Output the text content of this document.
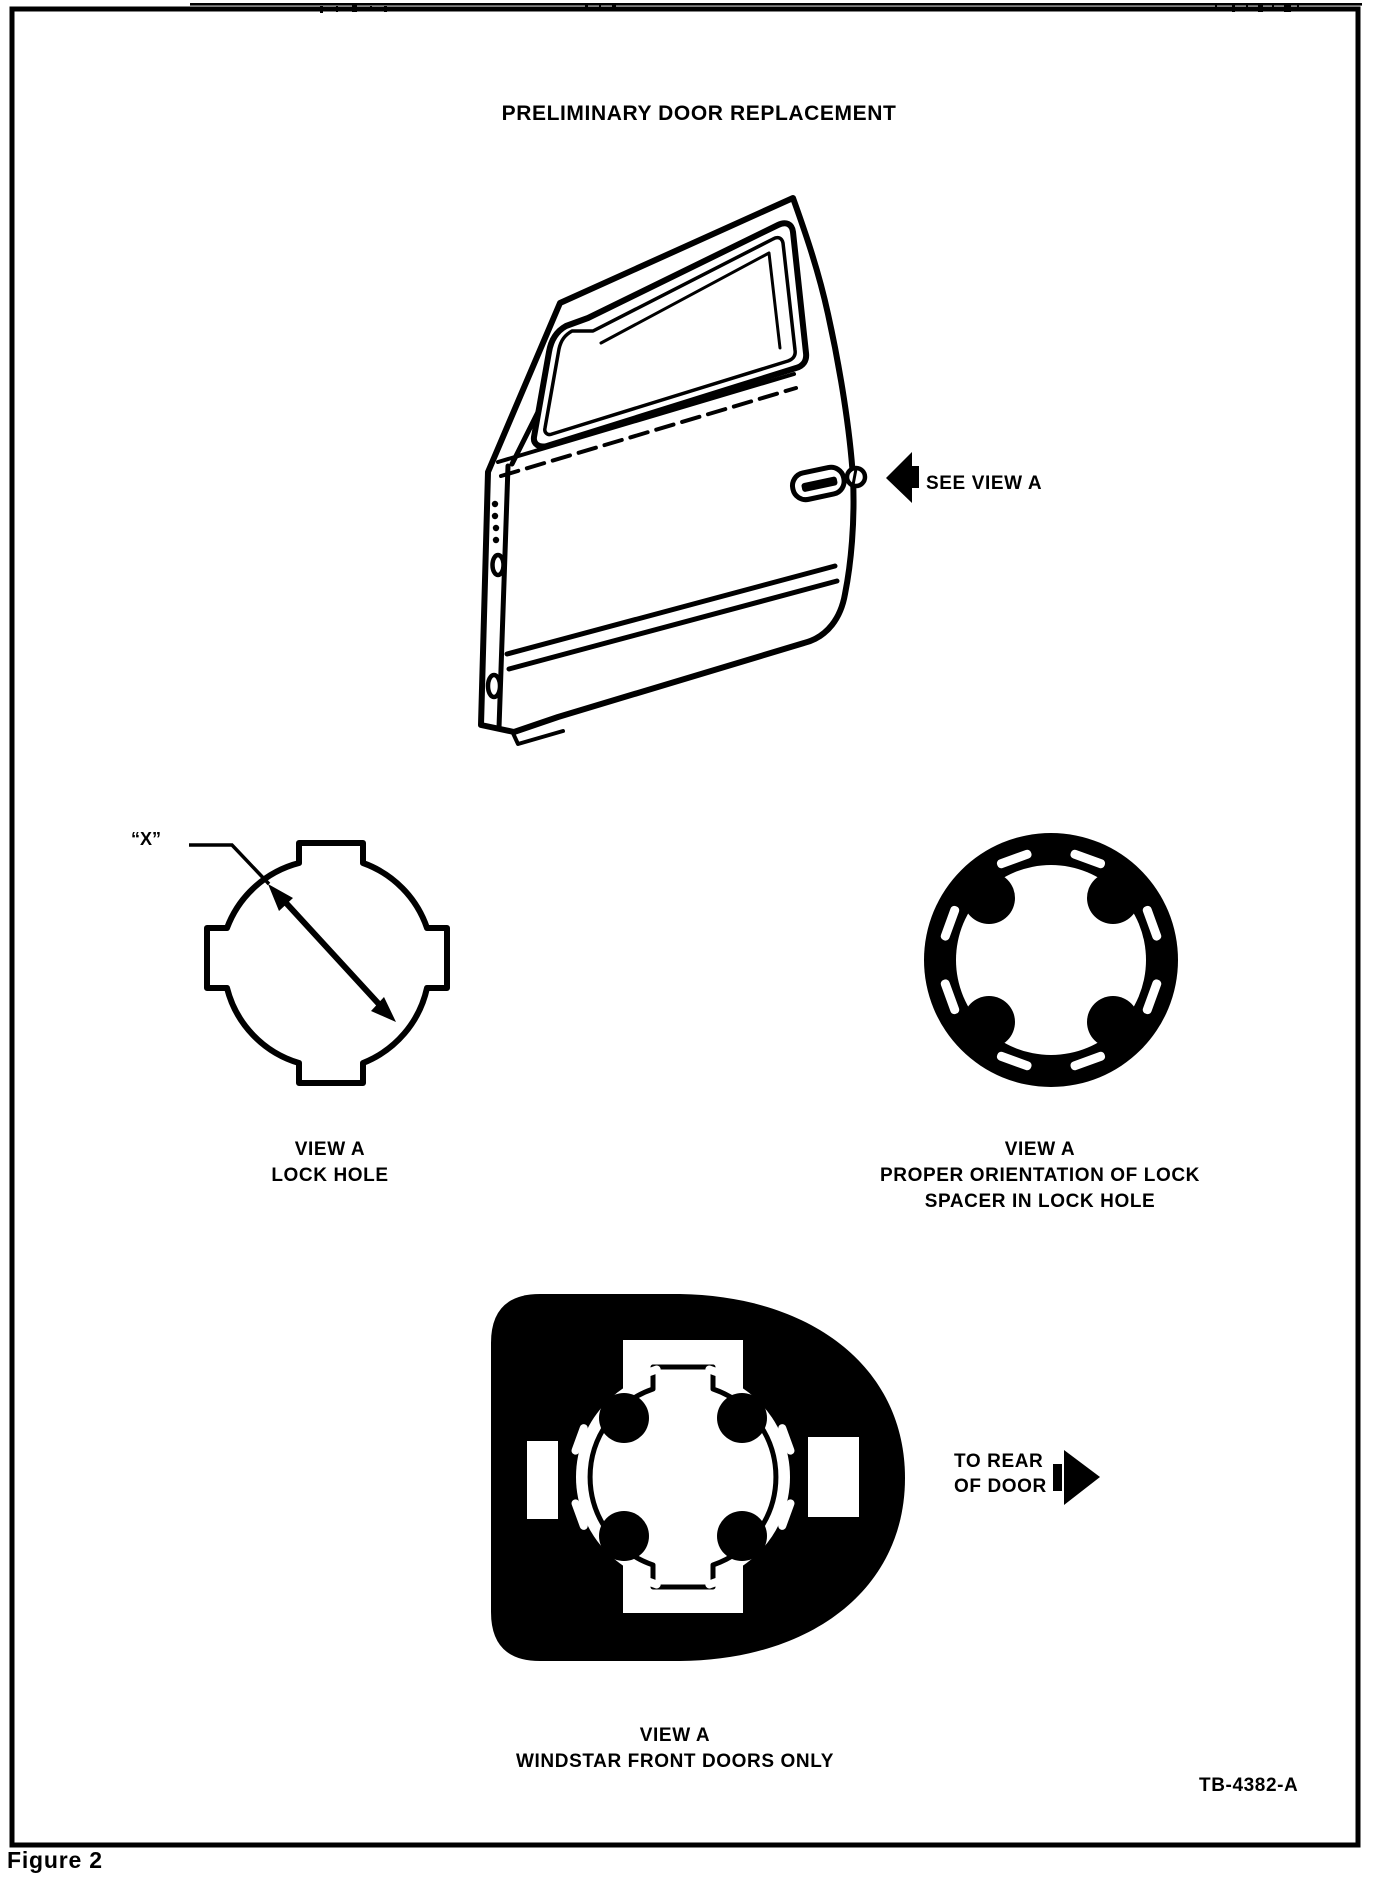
PRELIMINARY DOOR REPLACEMENT
SEE VIEW A
“X”
VIEW A
LOCK HOLE
VIEW A
PROPER ORIENTATION OF LOCK
SPACER IN LOCK HOLE
TO REAR
OF DOOR
VIEW A
WINDSTAR FRONT DOORS ONLY
TB-4382-A
Figure 2
